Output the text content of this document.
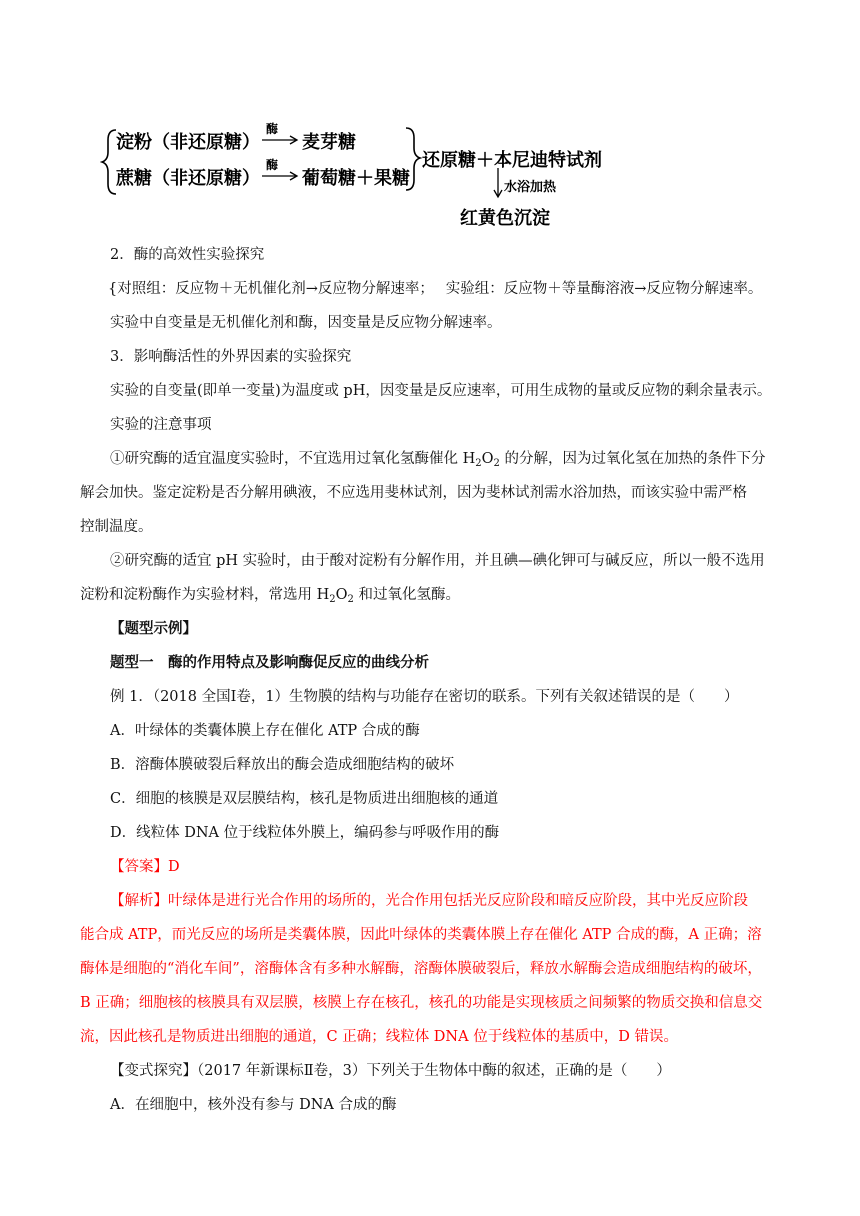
淀粉（非还原糖）
酶
麦芽糖
蔗糖（非还原糖）
酶
葡萄糖＋果糖
还原糖＋本尼迪特试剂
水浴加热
红黄色沉淀
2．酶的高效性实验探究
{对照组：反应物＋无机催化剂→反应物分解速率；　 实验组：反应物＋等量酶溶液→反应物分解速率。
实验中自变量是无机催化剂和酶，因变量是反应物分解速率。
3．影响酶活性的外界因素的实验探究
实验的自变量(即单一变量)为温度或 pH，因变量是反应速率，可用生成物的量或反应物的剩余量表示。
实验的注意事项
①研究酶的适宜温度实验时，不宜选用过氧化氢酶催化 $H_2O_2$ 的分解，因为过氧化氢在加热的条件下分
解会加快。鉴定淀粉是否分解用碘液，不应选用斐林试剂，因为斐林试剂需水浴加热，而该实验中需严格
控制温度。
②研究酶的适宜 pH 实验时，由于酸对淀粉有分解作用，并且碘—碘化钾可与碱反应，所以一般不选用
淀粉和淀粉酶作为实验材料，常选用 $H_2O_2$ 和过氧化氢酶。
【题型示例】
题型一　酶的作用特点及影响酶促反应的曲线分析
例 1．（2018 全国Ⅰ卷，1）生物膜的结构与功能存在密切的联系。下列有关叙述错误的是（　　）
A．叶绿体的类囊体膜上存在催化 ATP 合成的酶
B．溶酶体膜破裂后释放出的酶会造成细胞结构的破坏
C．细胞的核膜是双层膜结构，核孔是物质进出细胞核的通道
D．线粒体 DNA 位于线粒体外膜上，编码参与呼吸作用的酶
【答案】D
【解析】叶绿体是进行光合作用的场所的，光合作用包括光反应阶段和暗反应阶段，其中光反应阶段
能合成 ATP，而光反应的场所是类囊体膜，因此叶绿体的类囊体膜上存在催化 ATP 合成的酶，A 正确；溶
酶体是细胞的“消化车间”，溶酶体含有多种水解酶，溶酶体膜破裂后，释放水解酶会造成细胞结构的破坏，
B 正确；细胞核的核膜具有双层膜，核膜上存在核孔，核孔的功能是实现核质之间频繁的物质交换和信息交
流，因此核孔是物质进出细胞的通道，C 正确；线粒体 DNA 位于线粒体的基质中，D 错误。
【变式探究】（2017 年新课标Ⅱ卷，3）下列关于生物体中酶的叙述，正确的是（　　）
A．在细胞中，核外没有参与 DNA 合成的酶
